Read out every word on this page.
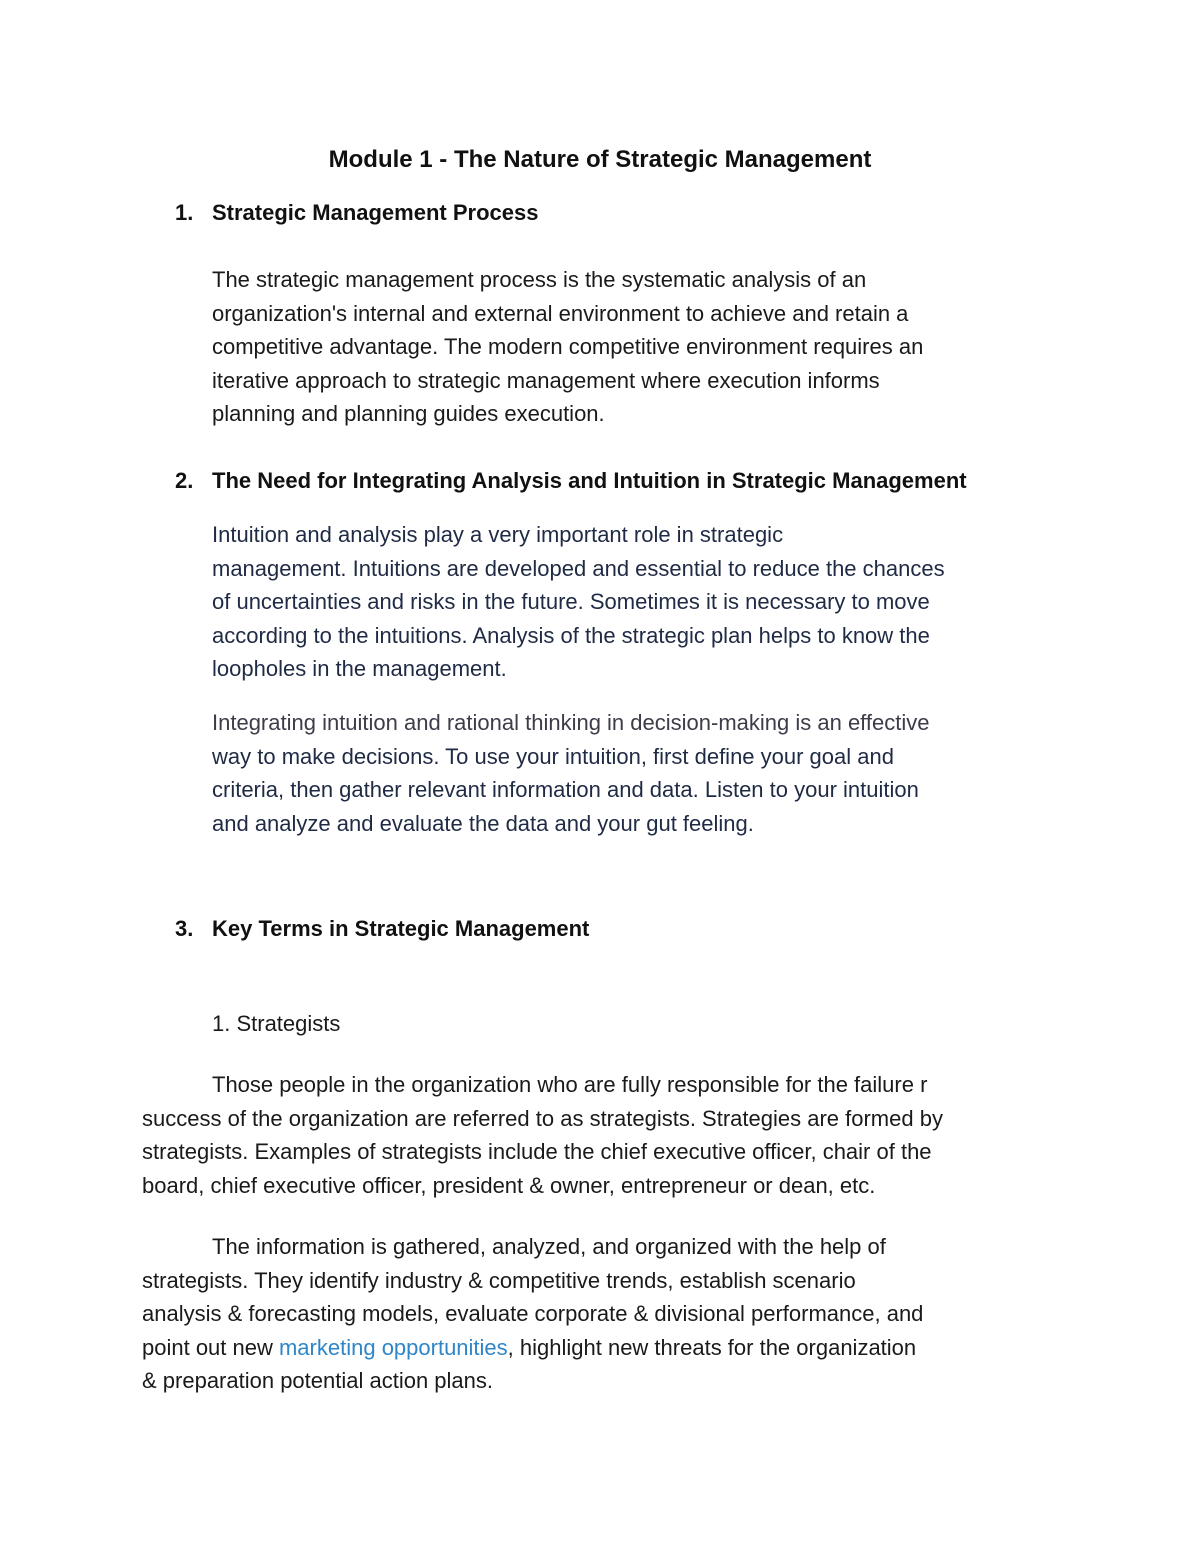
Module 1 - The Nature of Strategic Management
1. Strategic Management Process
The strategic management process is the systematic analysis of an
organization's internal and external environment to achieve and retain a
competitive advantage. The modern competitive environment requires an
iterative approach to strategic management where execution informs
planning and planning guides execution.
2. The Need for Integrating Analysis and Intuition in Strategic Management
Intuition and analysis play a very important role in strategic
management. Intuitions are developed and essential to reduce the chances
of uncertainties and risks in the future. Sometimes it is necessary to move
according to the intuitions. Analysis of the strategic plan helps to know the
loopholes in the management.
Integrating intuition and rational thinking in decision-making is an effective
way to make decisions. To use your intuition, first define your goal and
criteria, then gather relevant information and data. Listen to your intuition
and analyze and evaluate the data and your gut feeling.
3. Key Terms in Strategic Management
1. Strategists
Those people in the organization who are fully responsible for the failure r
success of the organization are referred to as strategists. Strategies are formed by
strategists. Examples of strategists include the chief executive officer, chair of the
board, chief executive officer, president & owner, entrepreneur or dean, etc.
The information is gathered, analyzed, and organized with the help of
strategists. They identify industry & competitive trends, establish scenario
analysis & forecasting models, evaluate corporate & divisional performance, and
point out new marketing opportunities, highlight new threats for the organization
& preparation potential action plans.
